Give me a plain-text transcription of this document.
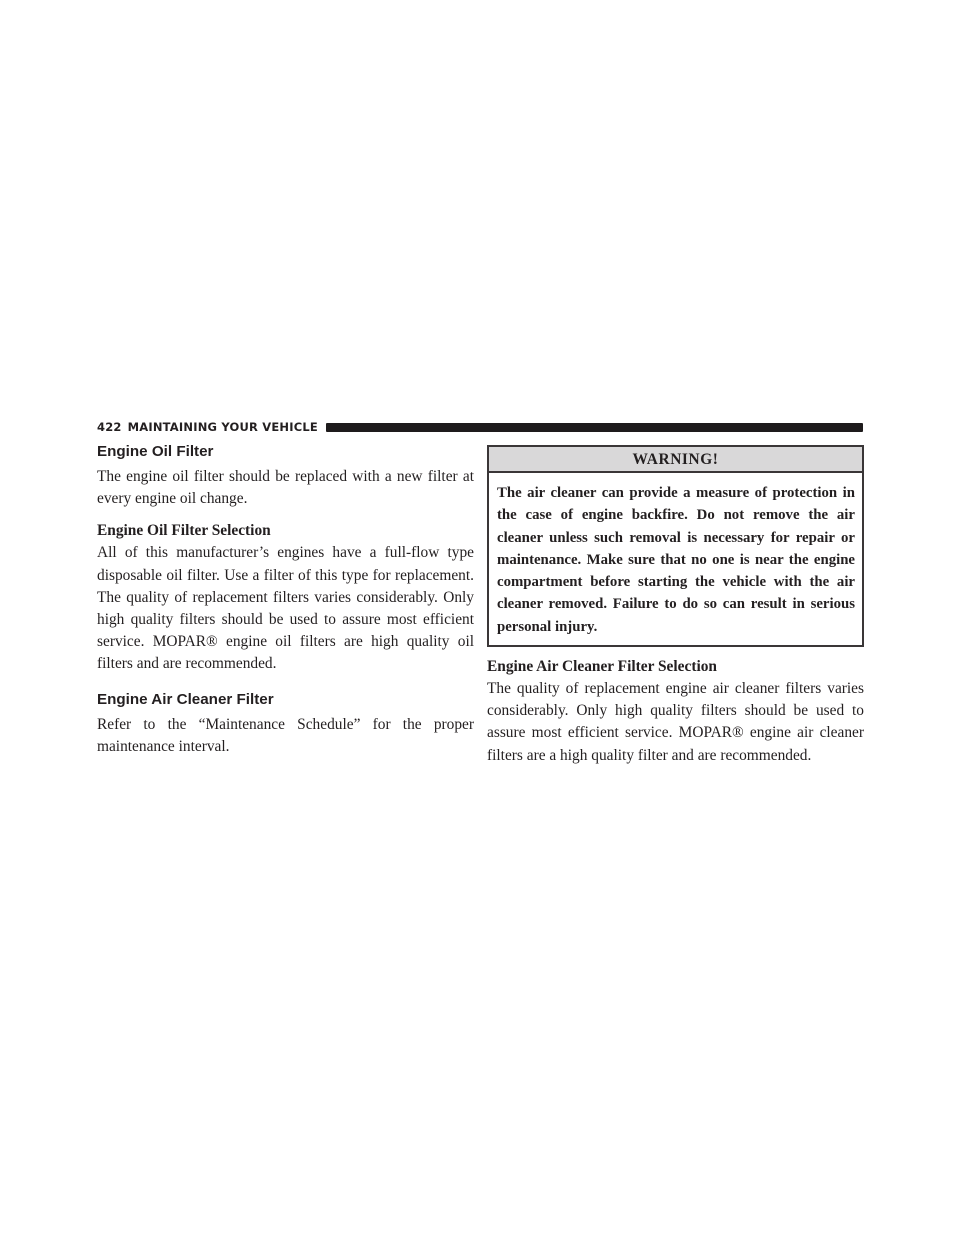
422 MAINTAINING YOUR VEHICLE
Engine Oil Filter

The engine oil filter should be replaced with a new filter at every engine oil change.

Engine Oil Filter Selection

All of this manufacturer’s engines have a full-flow type disposable oil filter. Use a filter of this type for replacement. The quality of replacement filters varies considerably. Only high quality filters should be used to assure most efficient service. MOPAR® engine oil filters are high quality oil filters and are recommended.

Engine Air Cleaner Filter

Refer to the “Maintenance Schedule” for the proper maintenance interval.

WARNING!
The air cleaner can provide a measure of protection in the case of engine backfire. Do not remove the air cleaner unless such removal is necessary for repair or maintenance. Make sure that no one is near the engine compartment before starting the vehicle with the air cleaner removed. Failure to do so can result in serious personal injury.
Engine Air Cleaner Filter Selection

The quality of replacement engine air cleaner filters varies considerably. Only high quality filters should be used to assure most efficient service. MOPAR® engine air cleaner filters are a high quality filter and are recommended.
